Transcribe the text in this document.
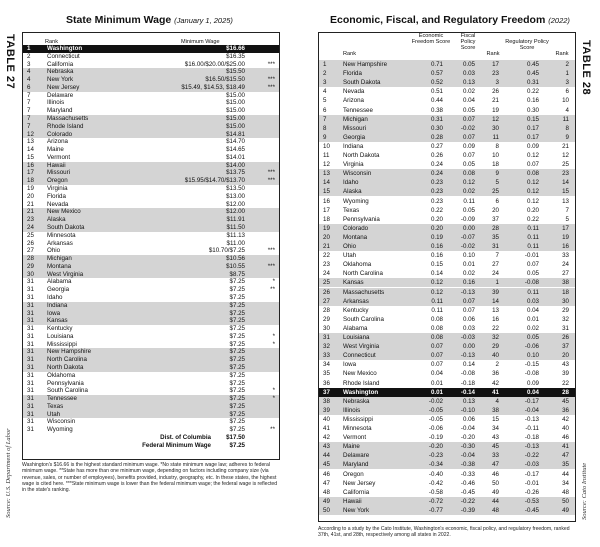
TABLE 27
Source: U.S. Department of Labor
State Minimum Wage (January 1, 2025)
Rank	Minimum Wage
1	Washington	$16.66
2	Connecticut	$16.35
3	California	$16.00/$20.00/$25.00	***
4	Nebraska	$15.50
4	New York	$16.50/$15.50	***
6	New Jersey	$15.49, $14.53, $18.49	***
7	Delaware	$15.00
7	Illinois	$15.00
7	Maryland	$15.00
7	Massachusetts	$15.00
7	Rhode Island	$15.00
12	Colorado	$14.81
13	Arizona	$14.70
14	Maine	$14.65
15	Vermont	$14.01
16	Hawaii	$14.00
17	Missouri	$13.75	***
18	Oregon	$15.95/$14.70/$13.70	***
19	Virginia	$13.50
20	Florida	$13.00
21	Nevada	$12.00
21	New Mexico	$12.00
23	Alaska	$11.91
24	South Dakota	$11.50
25	Minnesota	$11.13
26	Arkansas	$11.00
27	Ohio	$10.70/$7.25	***
28	Michigan	$10.56
29	Montana	$10.55	***
30	West Virginia	$8.75
31	Alabama	$7.25	*
31	Georgia	$7.25	**
31	Idaho	$7.25
31	Indiana	$7.25
31	Iowa	$7.25
31	Kansas	$7.25
31	Kentucky	$7.25
31	Louisiana	$7.25	*
31	Mississippi	$7.25	*
31	New Hampshire	$7.25
31	North Carolina	$7.25
31	North Dakota	$7.25
31	Oklahoma	$7.25
31	Pennsylvania	$7.25
31	South Carolina	$7.25	*
31	Tennessee	$7.25	*
31	Texas	$7.25
31	Utah	$7.25
31	Wisconsin	$7.25
31	Wyoming	$7.25	**
Dist. of Columbia	$17.50
Federal Minimum Wage	$7.25
Washington's $16.66 is the highest standard minimum wage. *No state minimum wage law; adheres to federal minimum wage. **State has more than one minimum wage, depending on factors including company size (via revenue, sales, or number of employees), benefits provided, industry, geography, etc. In these states, the highest wage is cited here. ***State minimum wage is lower than the federal minimum wage; the federal wage is reflected in the state's ranking.
TABLE 28
Source: Cato Institute
Economic, Fiscal, and Regulatory Freedom (2022)
Rank
Economic Freedom Score
Fiscal Policy Score
Rank
Regulatory Policy Score
Rank
1	New Hampshire	0.71	0.05	17	0.45	2
2	Florida	0.57	0.03	23	0.45	1
3	South Dakota	0.52	0.13	3	0.31	3
4	Nevada	0.51	0.02	26	0.22	6
5	Arizona	0.44	0.04	21	0.16	10
6	Tennessee	0.38	0.05	19	0.30	4
7	Michigan	0.31	0.07	12	0.15	11
8	Missouri	0.30	-0.02	30	0.17	8
9	Georgia	0.28	0.07	11	0.17	9
10	Indiana	0.27	0.09	8	0.09	21
11	North Dakota	0.26	0.07	10	0.12	12
12	Virginia	0.24	0.05	18	0.07	25
13	Wisconsin	0.24	0.08	9	0.08	23
14	Idaho	0.23	0.12	5	0.12	14
15	Alaska	0.23	0.02	25	0.12	15
16	Wyoming	0.23	0.11	6	0.12	13
17	Texas	0.22	0.05	20	0.20	7
18	Pennsylvania	0.20	-0.09	37	0.22	5
19	Colorado	0.20	0.00	28	0.11	17
20	Montana	0.19	-0.07	35	0.11	19
21	Ohio	0.16	-0.02	31	0.11	16
22	Utah	0.16	0.10	7	-0.01	33
23	Oklahoma	0.15	0.01	27	0.07	24
24	North Carolina	0.14	0.02	24	0.05	27
25	Kansas	0.12	0.16	1	-0.08	38
26	Massachusetts	0.12	-0.13	39	0.11	18
27	Arkansas	0.11	0.07	14	0.03	30
28	Kentucky	0.11	0.07	13	0.04	29
29	South Carolina	0.08	0.06	16	0.01	32
30	Alabama	0.08	0.03	22	0.02	31
31	Louisiana	0.08	-0.03	32	0.05	26
32	West Virginia	0.07	0.00	29	-0.06	37
33	Connecticut	0.07	-0.13	40	0.10	20
34	Iowa	0.07	0.14	2	-0.15	43
35	New Mexico	0.04	-0.08	36	-0.08	39
36	Rhode Island	0.01	-0.18	42	0.09	22
37	Washington	0.01	-0.14	41	0.04	28
38	Nebraska	-0.02	0.13	4	-0.17	45
39	Illinois	-0.05	-0.10	38	-0.04	36
40	Mississippi	-0.05	0.06	15	-0.13	42
41	Minnesota	-0.06	-0.04	34	-0.11	40
42	Vermont	-0.19	-0.20	43	-0.18	46
43	Maine	-0.20	-0.30	45	-0.13	41
44	Delaware	-0.23	-0.04	33	-0.22	47
45	Maryland	-0.34	-0.38	47	-0.03	35
46	Oregon	-0.40	-0.33	46	-0.17	44
47	New Jersey	-0.42	-0.46	50	-0.01	34
48	California	-0.58	-0.45	49	-0.26	48
49	Hawaii	-0.72	-0.22	44	-0.53	50
50	New York	-0.77	-0.39	48	-0.45	49
According to a study by the Cato Institute, Washington's economic, fiscal policy, and regulatory freedom, ranked 37th, 41st, and 28th, respectively among all states in 2022.
